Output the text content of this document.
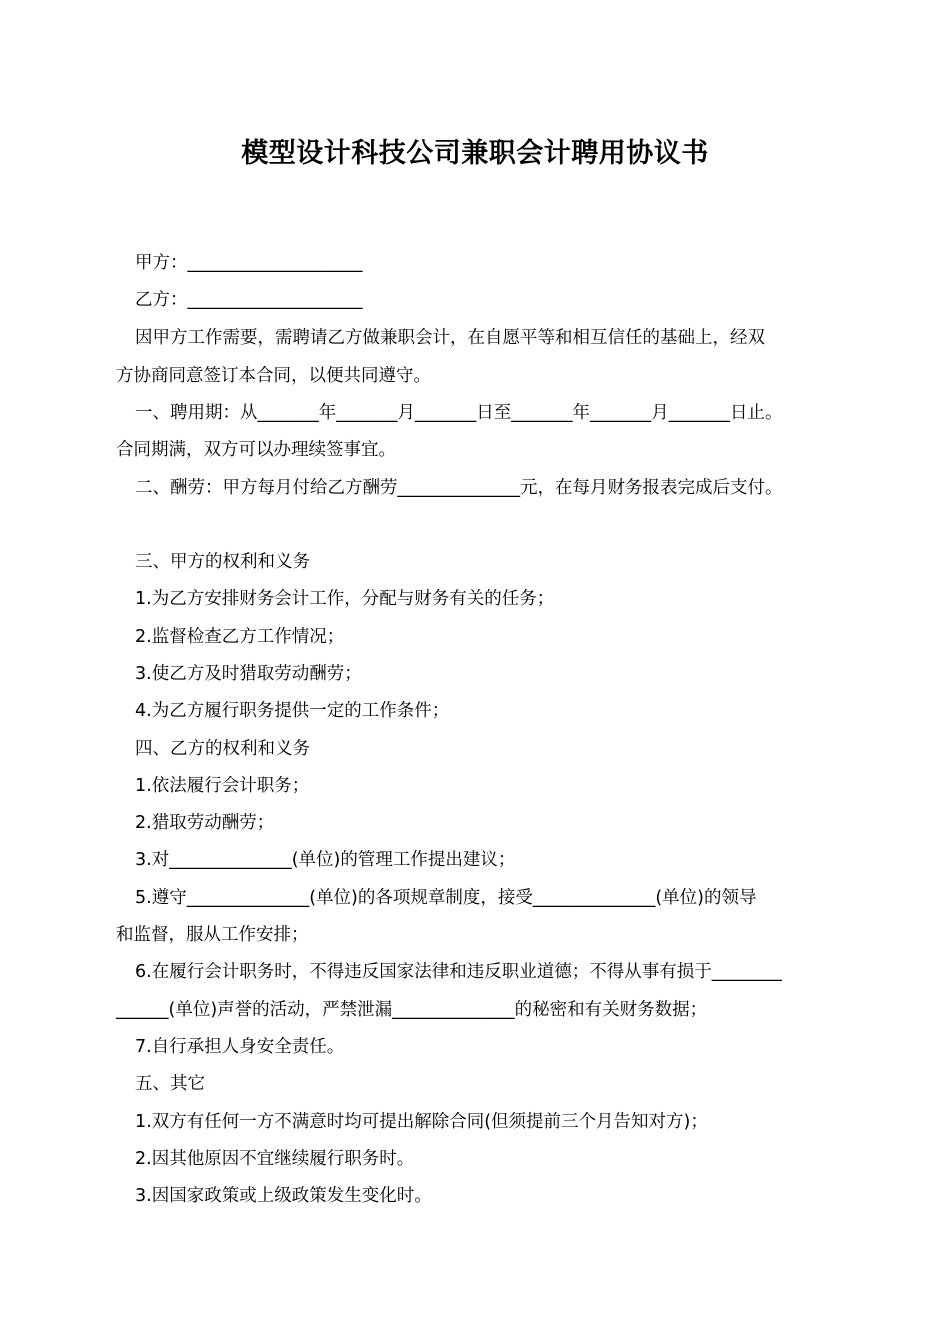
模型设计科技公司兼职会计聘用协议书
甲方：____________________
乙方：____________________
因甲方工作需要，需聘请乙方做兼职会计，在自愿平等和相互信任的基础上，经双
方协商同意签订本合同，以便共同遵守。
一、聘用期：从_______年_______月_______日至_______年_______月_______日止。
合同期满，双方可以办理续签事宜。
二、酬劳：甲方每月付给乙方酬劳______________元，在每月财务报表完成后支付。
三、甲方的权利和义务
1.为乙方安排财务会计工作，分配与财务有关的任务；
2.监督检查乙方工作情况；
3.使乙方及时猎取劳动酬劳；
4.为乙方履行职务提供一定的工作条件；
四、乙方的权利和义务
1.依法履行会计职务；
2.猎取劳动酬劳；
3.对______________(单位)的管理工作提出建议；
5.遵守______________(单位)的各项规章制度，接受______________(单位)的领导
和监督，服从工作安排；
6.在履行会计职务时，不得违反国家法律和违反职业道德；不得从事有损于________
______(单位)声誉的活动，严禁泄漏______________的秘密和有关财务数据；
7.自行承担人身安全责任。
五、其它
1.双方有任何一方不满意时均可提出解除合同(但须提前三个月告知对方)；
2.因其他原因不宜继续履行职务时。
3.因国家政策或上级政策发生变化时。
